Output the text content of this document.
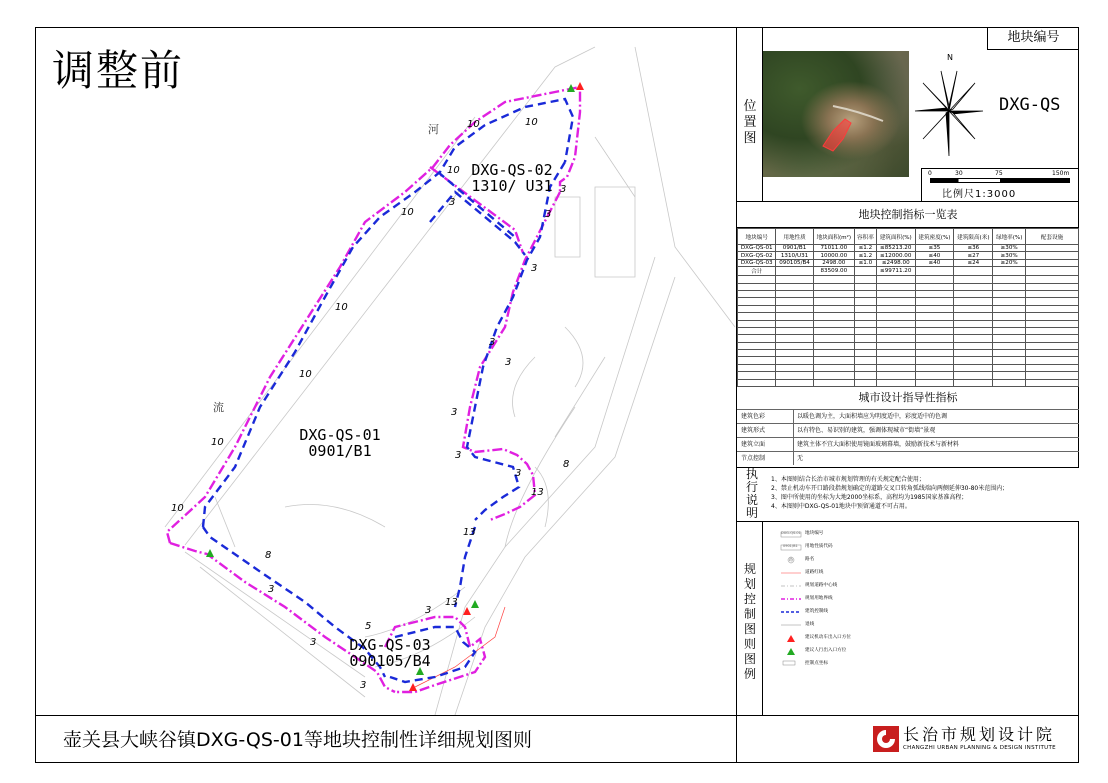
河
流
DXG-QS-02
1310/ U31
DXG-QS-01
0901/B1
DXG-QS-03
090105/B4
10	10
10
10
10
10
10
10
3
3
3
3
3
3
3
3
3
3
3
3
3
13
13
13
5
8
8
调整前
位
置
图
地块编号
DXG-QS
N
0	30	75	150m
比例尺1:3000
地块控制指标一览表
地块编号	用地性质	地块面积(m²)	容积率	建筑面积(%)	建筑密度(%)	建筑限高(米)	绿地率(%)	配套设施
DXG-QS-01	0901/B1	71011.00	≤1.2	≤85213.20	≤35	≤36	≥30%	
DXG-QS-02	1310/U31	10000.00	≤1.2	≤12000.00	≤40	≤27	≥30%	
DXG-QS-03	090105/B4	2498.00	≤1.0	≤2498.00	≤40	≤24	≥20%	
合计		83509.00		≤99711.20				

城市设计指导性指标
建筑色彩	以暖色调为主，大面积墙应为明度适中，彩度适中的色调
建筑形式	以有特色、易识别的建筑，强调体现城市“街墙”景观
建筑立面	建筑主体不宜大面积使用镜面玻璃幕墙，鼓励新技术与新材料
节点控制	无
执
行
说
明
1、本图则结合长治市城市规划管理的有关规定配合使用；
2、禁止机动车开口路段指规划确定的道路交叉口转角弧线端向两侧延伸30-80米范围内；
3、图中所使用的坐标为大地2000坐标系，高程均为1985国家基准高程；
4、本图则中DXG-QS-01地块中预留通道不可占用。
规
划
控
制
图
则
图
例
DXG-QS-01
0901/B1
路
地块编号
用地性质代码
路名
道路红线
规划道路中心线
规划用地界线
建筑控制线
退线
建议机动车出入口方位
建议人行出入口方位
控制点坐标
壶关县大峡谷镇DXG-QS-01等地块控制性详细规划图则	长治市规划设计院
CHANGZHI URBAN PLANNING & DESIGN INSTITUTE
